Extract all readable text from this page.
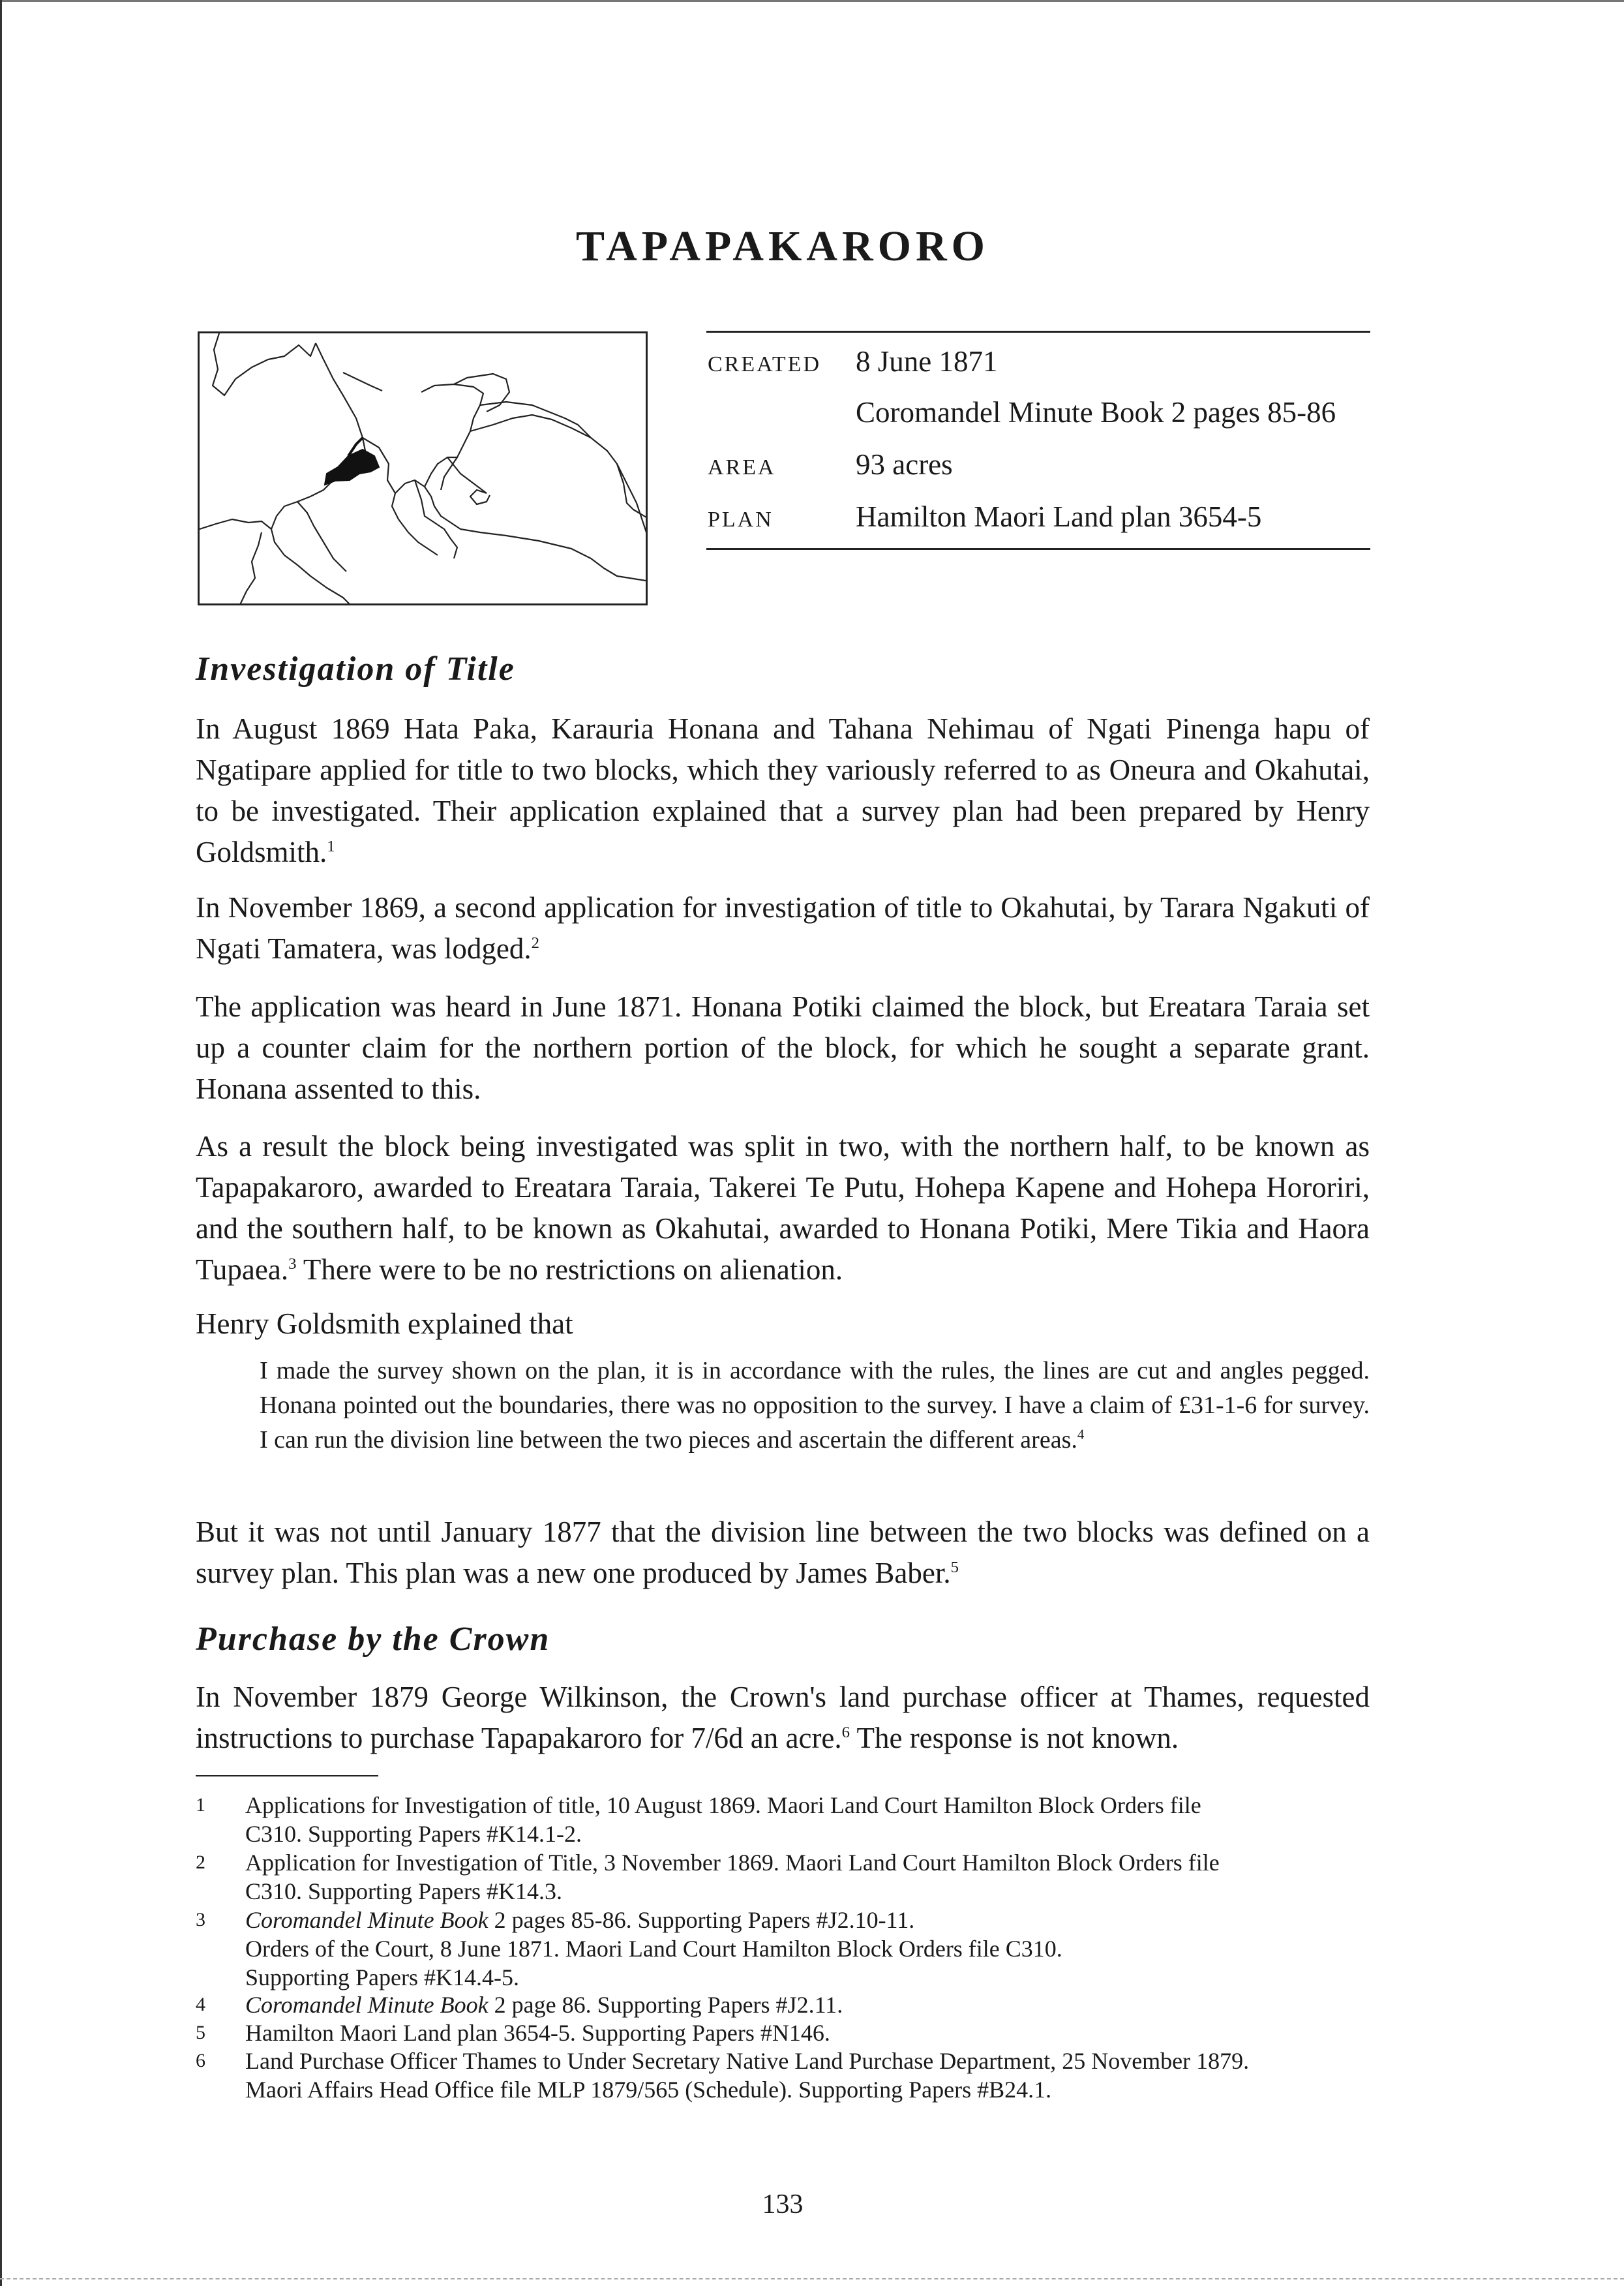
TAPAPAKARORO
CREATED 8 June 1871
Coromandel Minute Book 2 pages 85-86
AREA	93 acres
PLAN	Hamilton Maori Land plan 3654-5
Investigation of Title

In August 1869 Hata Paka, Karauria Honana and Tahana Nehimau of Ngati Pinenga hapu of Ngatipare applied for title to two blocks, which they variously referred to as Oneura and Okahutai, to be investigated. Their application explained that a survey plan had been prepared by Henry Goldsmith.$^1$

In November 1869, a second application for investigation of title to Okahutai, by Tarara Ngakuti of Ngati Tamatera, was lodged.$^2$

The application was heard in June 1871. Honana Potiki claimed the block, but Ereatara Taraia set up a counter claim for the northern portion of the block, for which he sought a separate grant. Honana assented to this.

As a result the block being investigated was split in two, with the northern half, to be known as Tapapakaroro, awarded to Ereatara Taraia, Takerei Te Putu, Hohepa Kapene and Hohepa Hororiri, and the southern half, to be known as Okahutai, awarded to Honana Potiki, Mere Tikia and Haora Tupaea.$^3$ There were to be no restrictions on alienation.

Henry Goldsmith explained that

I made the survey shown on the plan, it is in accordance with the rules, the lines are cut and angles pegged. Honana pointed out the boundaries, there was no opposition to the survey. I have a claim of £31-1-6 for survey. I can run the division line between the two pieces and ascertain the different areas.$^4$

But it was not until January 1877 that the division line between the two blocks was defined on a survey plan. This plan was a new one produced by James Baber.$^5$

Purchase by the Crown

In November 1879 George Wilkinson, the Crown's land purchase officer at Thames, requested instructions to purchase Tapapakaroro for 7/6d an acre.$^6$ The response is not known.

1 Applications for Investigation of title, 10 August 1869. Maori Land Court Hamilton Block Orders file
C310. Supporting Papers #K14.1-2.
2 Application for Investigation of Title, 3 November 1869. Maori Land Court Hamilton Block Orders file
C310. Supporting Papers #K14.3.
3 Coromandel Minute Book 2 pages 85-86. Supporting Papers #J2.10-11.
Orders of the Court, 8 June 1871. Maori Land Court Hamilton Block Orders file C310.
Supporting Papers #K14.4-5.
4 Coromandel Minute Book 2 page 86. Supporting Papers #J2.11.
5 Hamilton Maori Land plan 3654-5. Supporting Papers #N146.
6 Land Purchase Officer Thames to Under Secretary Native Land Purchase Department, 25 November 1879.
Maori Affairs Head Office file MLP 1879/565 (Schedule). Supporting Papers #B24.1.
133
